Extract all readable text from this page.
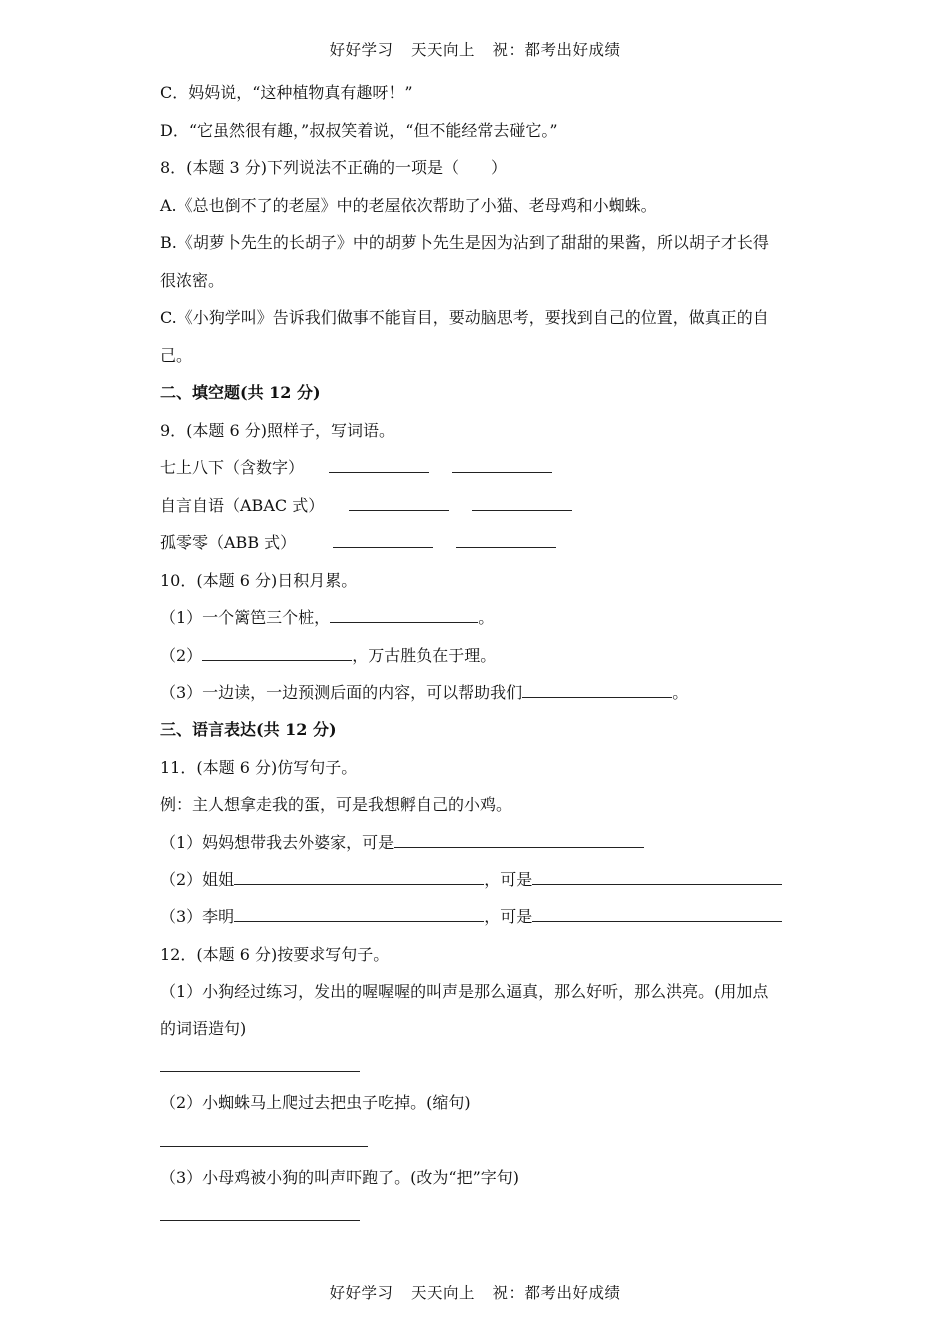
好好学习 天天向上 祝：都考出好成绩
C．妈妈说，“这种植物真有趣呀！”
D．“它虽然很有趣，”叔叔笑着说，“但不能经常去碰它。”
8．(本题 3 分)下列说法不正确的一项是（　　）
A.《总也倒不了的老屋》中的老屋依次帮助了小猫、老母鸡和小蜘蛛。
B.《胡萝卜先生的长胡子》中的胡萝卜先生是因为沾到了甜甜的果酱，所以胡子才长得
很浓密。
C.《小狗学叫》告诉我们做事不能盲目，要动脑思考，要找到自己的位置，做真正的自
己。
二、填空题(共 12 分)
9．(本题 6 分)照样子，写词语。
七上八下（含数字）
自言自语（ABAC 式）
孤零零（ABB 式）
10．(本题 6 分)日积月累。
（1）一个篱笆三个桩，	。
（2）	，万古胜负在于理。
（3）一边读，一边预测后面的内容，可以帮助我们	。
三、语言表达(共 12 分)
11．(本题 6 分)仿写句子。
例：主人想拿走我的蛋，可是我想孵自己的小鸡。
（1）妈妈想带我去外婆家，可是
（2）姐姐	，可是
（3）李明	，可是
12．(本题 6 分)按要求写句子。
（1）小狗经过练习，发出的喔喔喔的叫声是那么逼真，那么好听，那么洪亮。(用加点
的词语造句)
（2）小蜘蛛马上爬过去把虫子吃掉。(缩句)
（3）小母鸡被小狗的叫声吓跑了。(改为“把”字句)
好好学习 天天向上 祝：都考出好成绩
